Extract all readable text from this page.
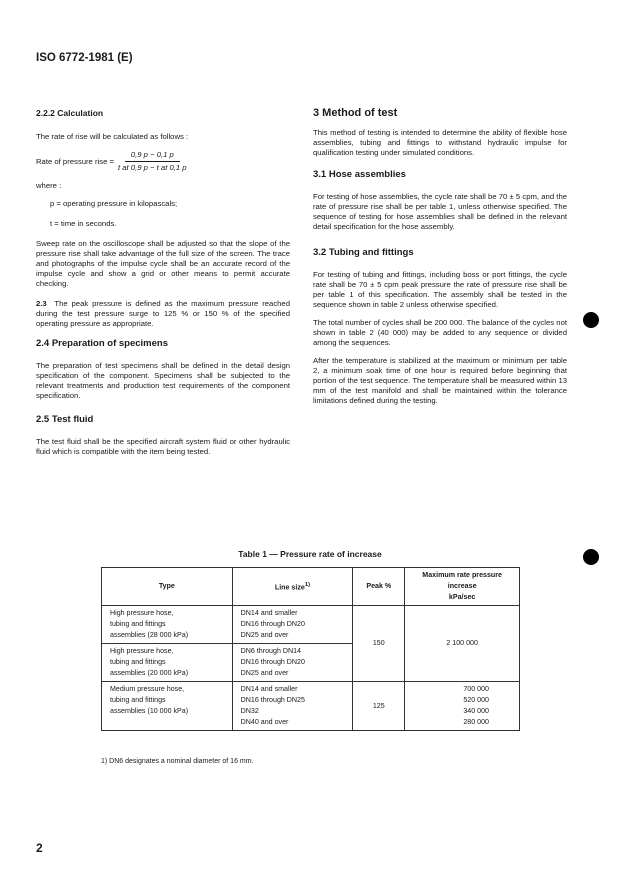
ISO 6772-1981 (E)
2.2.2 Calculation

The rate of rise will be calculated as follows :

Rate of pressure rise = $\frac{0,9 p - 0,1 p}{\text{t at 0,9 p − t at 0,1 p}}$

where :

p = operating pressure in kilopascals;
t = time in seconds.

Sweep rate on the oscilloscope shall be adjusted so that the slope of the pressure rise shall take advantage of the full size of the screen. The trace and photographs of the impulse cycle shall be an accurate record of the impulse cycle and show a grid or other means to permit accurate checking.

2.3 The peak pressure is defined as the maximum pressure reached during the test pressure surge to 125 % or 150 % of the specified operating pressure as appropriate.

2.4 Preparation of specimens

The preparation of test specimens shall be defined in the detail design specification of the component. Specimens shall be subjected to the relevant treatments and production test requirements of the component specification.

2.5 Test fluid

The test fluid shall be the specified aircraft system fluid or other hydraulic fluid which is compatible with the item being tested.

3 Method of test

This method of testing is intended to determine the ability of flexible hose assemblies, tubing and fittings to withstand hydraulic impulse for qualification testing under simulated conditions.

3.1 Hose assemblies

For testing of hose assemblies, the cycle rate shall be 70 ± 5 cpm, and the rate of pressure rise shall be per table 1, unless otherwise specified. The sequence of testing for hose assemblies shall be defined in the relevant detail specification for the hose assembly.

3.2 Tubing and fittings

For testing of tubing and fittings, including boss or port fittings, the cycle rate shall be 70 ± 5 cpm peak pressure the rate of pressure rise shall be per table 1 of this specification. The assembly shall be tested in the sequence shown in table 2 unless otherwise specified.

The total number of cycles shall be 200 000. The balance of the cycles not shown in table 2 (40 000) may be added to any sequence or divided among the sequences.

After the temperature is stabilized at the maximum or minimum per table 2, a minimum soak time of one hour is required before beginning that portion of the test sequence. The temperature shall be measured within 13 mm of the test manifold and shall be maintained within the tolerance limitations defined during the testing.

Table 1 — Pressure rate of increase
Type	Line size$^{1)}$	Peak %	Maximum rate pressure increase
kPa/sec

High pressure hose,
tubing and fittings
assemblies (28 000 kPa)	DN14 and smaller
DN16 through DN20
DN25 and over	150	2 100 000

High pressure hose,
tubing and fittings
assemblies (20 000 kPa)	DN6 through DN14
DN16 through DN20
DN25 and over		

Medium pressure hose,
tubing and fittings
assemblies (10 000 kPa)	DN14 and smaller
DN16 through DN25
DN32
DN40 and over	125	700 000
520 000
340 000
280 000
1) DN6 designates a nominal diameter of 16 mm.
2
